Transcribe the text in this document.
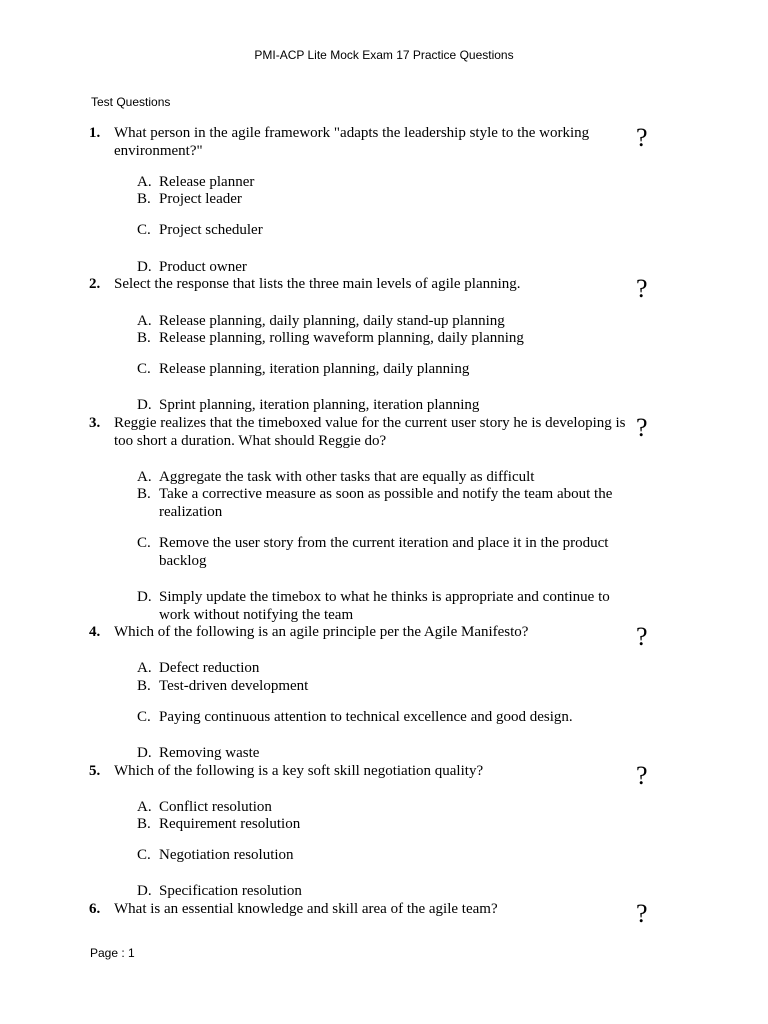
PMI-ACP Lite Mock Exam 17 Practice Questions
Test Questions
1. What person in the agile framework "adapts the leadership style to the working environment?"	?
A. Release planner
B. Project leader
C. Project scheduler
D. Product owner
2. Select the response that lists the three main levels of agile planning.	?
A. Release planning, daily planning, daily stand-up planning
B. Release planning, rolling waveform planning, daily planning
C. Release planning, iteration planning, daily planning
D. Sprint planning, iteration planning, iteration planning
3. Reggie realizes that the timeboxed value for the current user story he is developing is too short a duration. What should Reggie do?	?
A. Aggregate the task with other tasks that are equally as difficult
B. Take a corrective measure as soon as possible and notify the team about the realization
C. Remove the user story from the current iteration and place it in the product backlog
D. Simply update the timebox to what he thinks is appropriate and continue to work without notifying the team
4. Which of the following is an agile principle per the Agile Manifesto?	?
A. Defect reduction
B. Test-driven development
C. Paying continuous attention to technical excellence and good design.
D. Removing waste
5. Which of the following is a key soft skill negotiation quality?	?
A. Conflict resolution
B. Requirement resolution
C. Negotiation resolution
D. Specification resolution
6. What is an essential knowledge and skill area of the agile team?	?
Page : 1
